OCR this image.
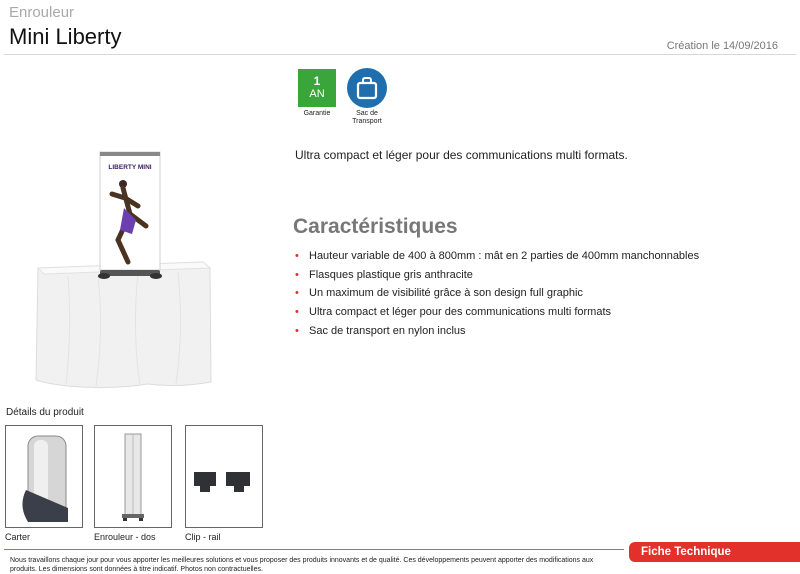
Enrouleur
Mini Liberty	Création le 14/09/2016
1
AN
Garantie	Sac de
Transport
LIBERTY MINI
Ultra compact et léger pour des communications multi formats.
Caractéristiques
• Hauteur variable de 400 à 800mm : mât en 2 parties de 400mm manchonnables
• Flasques plastique gris anthracite
• Un maximum de visibilité grâce à son design full graphic
• Ultra compact et léger pour des communications multi formats
• Sac de transport en nylon inclus
Détails du produit
Carter	Enrouleur - dos	Clip - rail
Nous travaillons chaque jour pour vous apporter les meilleures solutions et vous proposer des produits innovants et de qualité. Ces développements peuvent apporter des modifications aux produits. Les dimensions sont données à titre indicatif. Photos non contractuelles.
Fiche Technique
